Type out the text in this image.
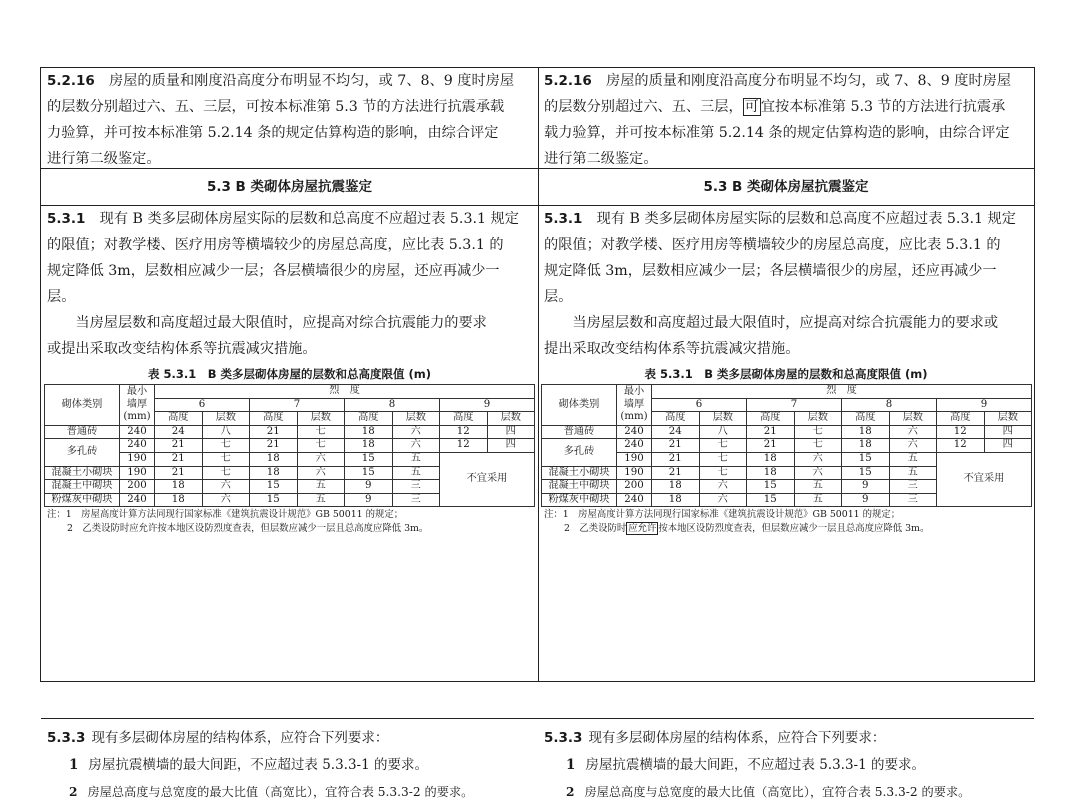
5.2.16　 房屋的质量和刚度沿高度分布明显不均匀，或 7、8、9 度时房屋
的层数分别超过六、五、三层，可按本标准第 5.3 节的方法进行抗震承载
力验算，并可按本标准第 5.2.14 条的规定估算构造的影响，由综合评定
进行第二级鉴定。

5.3 B 类砌体房屋抗震鉴定

5.3.1　 现有 B 类多层砌体房屋实际的层数和总高度不应超过表 5.3.1 规定
的限值；对教学楼、医疗用房等横墙较少的房屋总高度，应比表 5.3.1 的
规定降低 3m，层数相应减少一层；各层横墙很少的房屋，还应再减少一
层。

　　当房屋层数和高度超过最大限值时，应提高对综合抗震能力的要求
或提出采取改变结构体系等抗震减灾措施。

表 5.3.1　B 类多层砌体房屋的层数和总高度限值 (m)
砌体类别	最小
墙厚
(mm)	烈　度							
		6		7		8		9	
		高度	层数	高度	层数	高度	层数	高度	层数
普通砖	240	24	八	21	七	18	六	12	四
多孔砖	240	21	七	21	七	18	六	12	四
	190	21	七	18	六	15	五	不宜采用	
混凝土小砌块	190	21	七	18	六	15	五		
混凝土中砌块	200	18	六	15	五	9	三		
粉煤灰中砌块	240	18	六	15	五	9	三		

注：1　房屋高度计算方法同现行国家标准《建筑抗震设计规范》GB 50011 的规定；
2　乙类设防时应允许按本地区设防烈度查表，但层数应减少一层且总高度应降低 3m。

5.3.3 现有多层砌体房屋的结构体系，应符合下列要求：

1 房屋抗震横墙的最大间距，不应超过表 5.3.3-1 的要求。

2 房屋总高度与总宽度的最大比值（高宽比），宜符合表 5.3.3-2 的要求。

5.2.16　 房屋的质量和刚度沿高度分布明显不均匀，或 7、8、9 度时房屋
的层数分别超过六、五、三层， 可 宜按本标准第 5.3 节的方法进行抗震承
载力验算，并可按本标准第 5.2.14 条的规定估算构造的影响，由综合评定
进行第二级鉴定。

5.3 B 类砌体房屋抗震鉴定

5.3.1　 现有 B 类多层砌体房屋实际的层数和总高度不应超过表 5.3.1 规定
的限值；对教学楼、医疗用房等横墙较少的房屋总高度，应比表 5.3.1 的
规定降低 3m，层数相应减少一层；各层横墙很少的房屋，还应再减少一
层。

　　当房屋层数和高度超过最大限值时，应提高对综合抗震能力的要求或
提出采取改变结构体系等抗震减灾措施。

表 5.3.1　B 类多层砌体房屋的层数和总高度限值 (m)
砌体类别	最小
墙厚
(mm)	烈　度							
		6		7		8		9	
		高度	层数	高度	层数	高度	层数	高度	层数
普通砖	240	24	八	21	七	18	六	12	四
多孔砖	240	21	七	21	七	18	六	12	四
	190	21	七	18	六	15	五	不宜采用	
混凝土小砌块	190	21	七	18	六	15	五		
混凝土中砌块	200	18	六	15	五	9	三		
粉煤灰中砌块	240	18	六	15	五	9	三		

注：1　房屋高度计算方法同现行国家标准《建筑抗震设计规范》GB 50011 的规定；
2　乙类设防时 应允许 按本地区设防烈度查表，但层数应减少一层且总高度应降低 3m。

5.3.3 现有多层砌体房屋的结构体系，应符合下列要求：

1 房屋抗震横墙的最大间距，不应超过表 5.3.3-1 的要求。

2 房屋总高度与总宽度的最大比值（高宽比），宜符合表 5.3.3-2 的要求。
